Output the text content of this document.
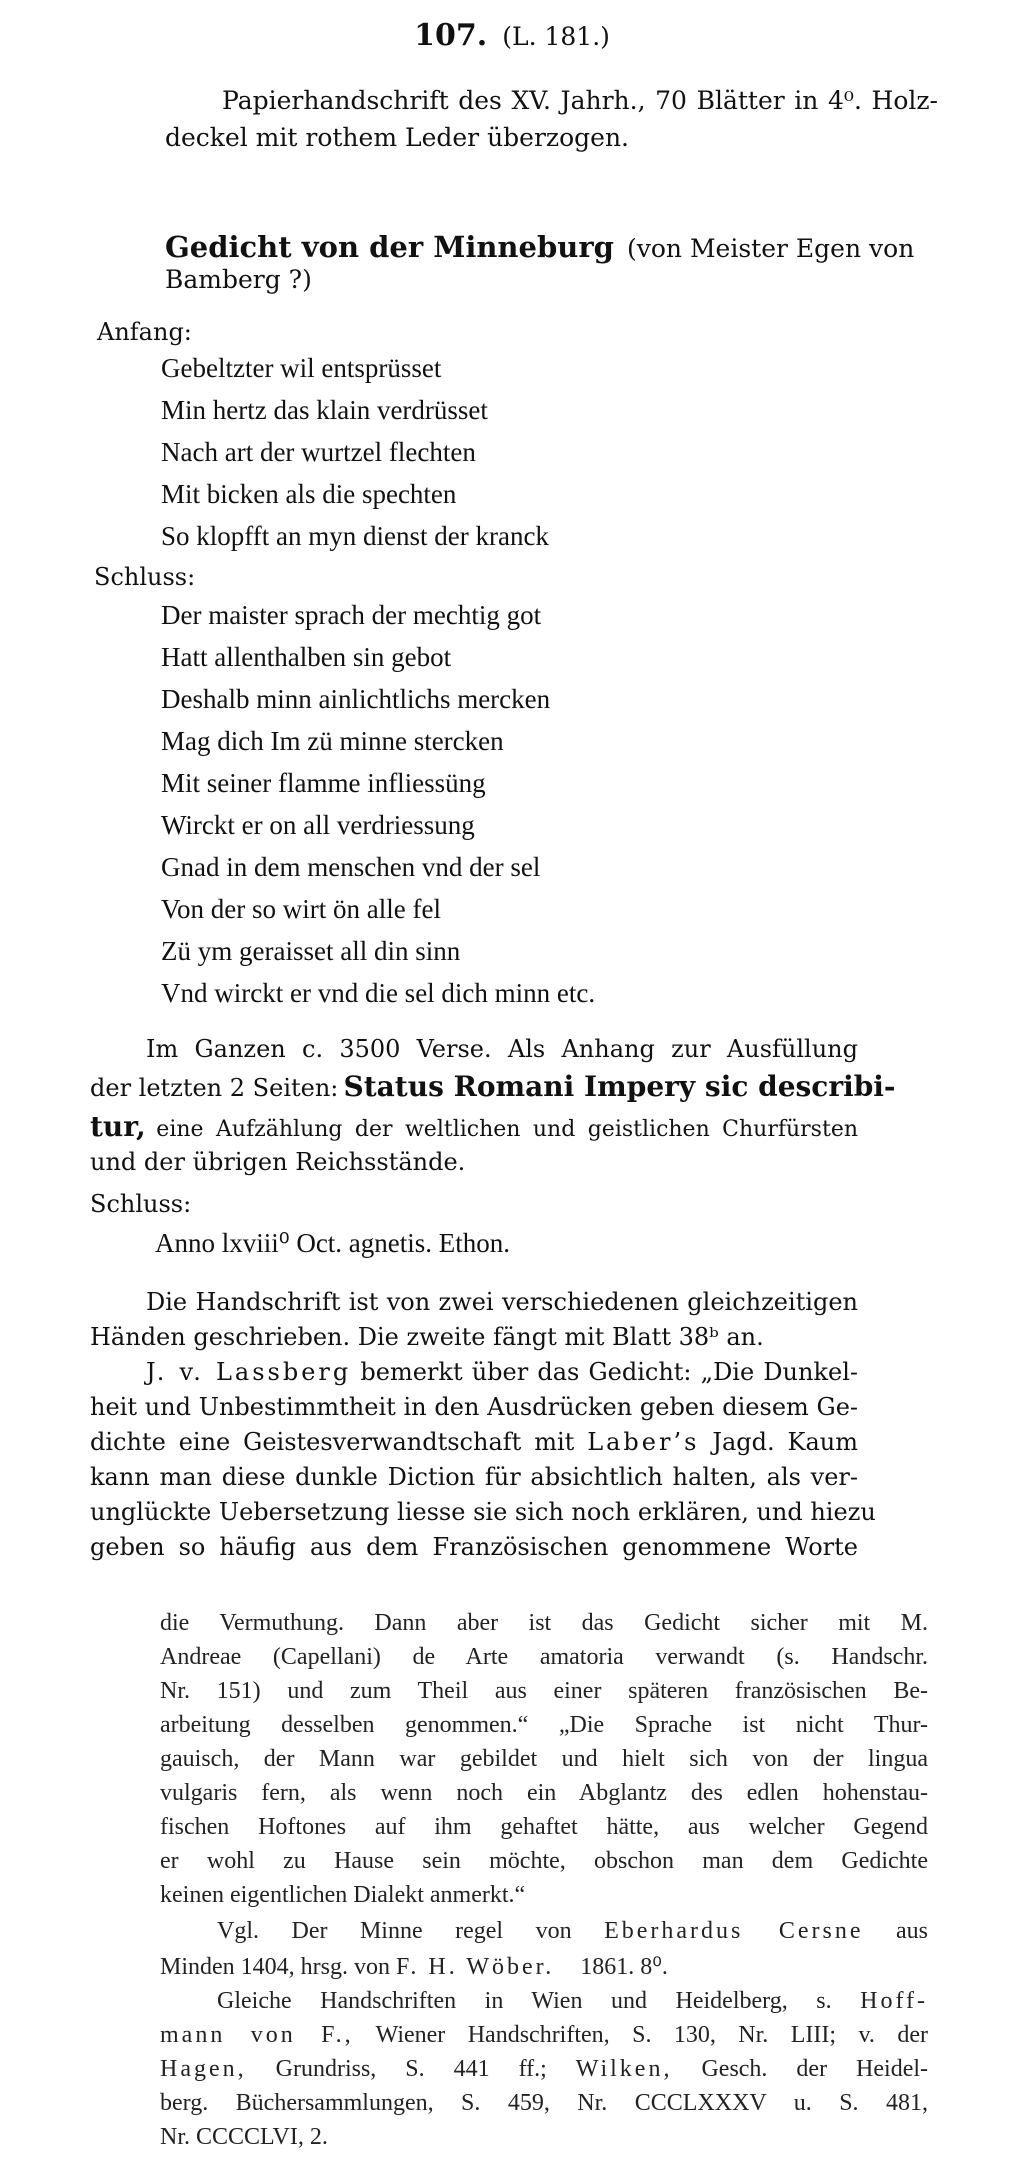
107. (L. 181.)
Papierhandschrift des XV. Jahrh., 70 Blätter in 4⁰. Holz-
deckel mit rothem Leder überzogen.
Gedicht von der Minneburg (von Meister Egen von
Bamberg ?)
Anfang:
Gebeltzter wil entsprüsset
Min hertz das klain verdrüsset
Nach art der wurtzel flechten
Mit bicken als die spechten
So klopfft an myn dienst der kranck
Schluss:
Der maister sprach der mechtig got
Hatt allenthalben sin gebot
Deshalb minn ainlichtlichs mercken
Mag dich Im zü minne stercken
Mit seiner flamme infliessüng
Wirckt er on all verdriessung
Gnad in dem menschen vnd der sel
Von der so wirt ön alle fel
Zü ym geraisset all din sinn
Vnd wirckt er vnd die sel dich minn etc.
Im Ganzen c. 3500 Verse. Als Anhang zur Ausfüllung
der letzten 2 Seiten: Status Romani Impery sic describi-
tur, eine Aufzählung der weltlichen und geistlichen Churfürsten
und der übrigen Reichsstände.
Schluss:
Anno lxviii⁰ Oct. agnetis. Ethon.
Die Handschrift ist von zwei verschiedenen gleichzeitigen
Händen geschrieben. Die zweite fängt mit Blatt 38ᵇ an.
J. v. Lassberg bemerkt über das Gedicht: „Die Dunkel-
heit und Unbestimmtheit in den Ausdrücken geben diesem Ge-
dichte eine Geistesverwandtschaft mit Laber’s Jagd. Kaum
kann man diese dunkle Diction für absichtlich halten, als ver-
unglückte Uebersetzung liesse sie sich noch erklären, und hiezu
geben so häufig aus dem Französischen genommene Worte
die Vermuthung. Dann aber ist das Gedicht sicher mit M.
Andreae (Capellani) de Arte amatoria verwandt (s. Handschr.
Nr. 151) und zum Theil aus einer späteren französischen Be-
arbeitung desselben genommen.“ „Die Sprache ist nicht Thur-
gauisch, der Mann war gebildet und hielt sich von der lingua
vulgaris fern, als wenn noch ein Abglantz des edlen hohenstau-
fischen Hoftones auf ihm gehaftet hätte, aus welcher Gegend
er wohl zu Hause sein möchte, obschon man dem Gedichte
keinen eigentlichen Dialekt anmerkt.“
Vgl. Der Minne regel von Eberhardus Cersne aus
Minden 1404, hrsg. von F. H. Wöber. 1861. 8⁰.
Gleiche Handschriften in Wien und Heidelberg, s. Hoff-
mann von F., Wiener Handschriften, S. 130, Nr. LIII; v. der
Hagen, Grundriss, S. 441 ff.; Wilken, Gesch. der Heidel-
berg. Büchersammlungen, S. 459, Nr. CCCLXXXV u. S. 481,
Nr. CCCCLVI, 2.
